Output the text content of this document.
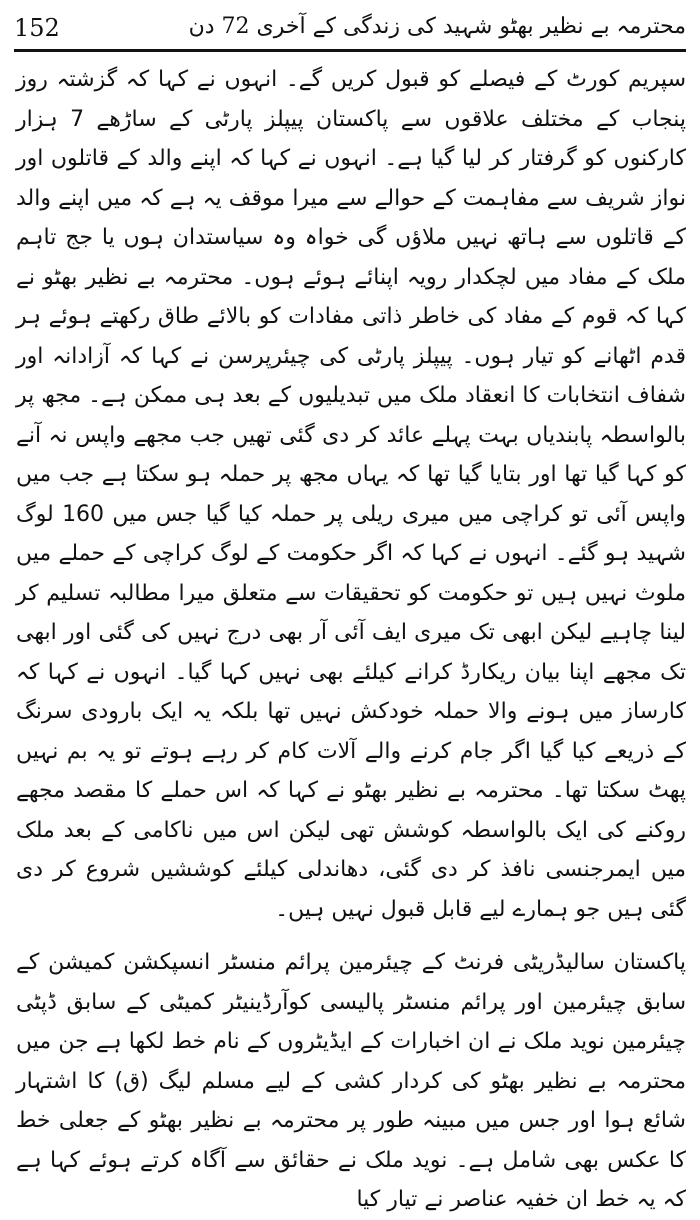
152	محترمہ بے نظیر بھٹو شہید کی زندگی کے آخری 72 دن

سپریم کورٹ کے فیصلے کو قبول کریں گے۔ انہوں نے کہا کہ گزشتہ روز پنجاب کے مختلف علاقوں سے پاکستان پیپلز پارٹی کے ساڑھے 7 ہزار کارکنوں کو گرفتار کر لیا گیا ہے۔ انہوں نے کہا کہ اپنے والد کے قاتلوں اور نواز شریف سے مفاہمت کے حوالے سے میرا موقف یہ ہے کہ میں اپنے والد کے قاتلوں سے ہاتھ نہیں ملاؤں گی خواہ وہ سیاستدان ہوں یا جج تاہم ملک کے مفاد میں لچکدار رویہ اپنائے ہوئے ہوں۔ محترمہ بے نظیر بھٹو نے کہا کہ قوم کے مفاد کی خاطر ذاتی مفادات کو بالائے طاق رکھتے ہوئے ہر قدم اٹھانے کو تیار ہوں۔ پیپلز پارٹی کی چیئرپرسن نے کہا کہ آزادانہ اور شفاف انتخابات کا انعقاد ملک میں تبدیلیوں کے بعد ہی ممکن ہے۔ مجھ پر بالواسطہ پابندیاں بہت پہلے عائد کر دی گئی تھیں جب مجھے واپس نہ آنے کو کہا گیا تھا اور بتایا گیا تھا کہ یہاں مجھ پر حملہ ہو سکتا ہے جب میں واپس آئی تو کراچی میں میری ریلی پر حملہ کیا گیا جس میں 160 لوگ شہید ہو گئے۔ انہوں نے کہا کہ اگر حکومت کے لوگ کراچی کے حملے میں ملوث نہیں ہیں تو حکومت کو تحقیقات سے متعلق میرا مطالبہ تسلیم کر لینا چاہیے لیکن ابھی تک میری ایف آئی آر بھی درج نہیں کی گئی اور ابھی تک مجھے اپنا بیان ریکارڈ کرانے کیلئے بھی نہیں کہا گیا۔ انہوں نے کہا کہ کارساز میں ہونے والا حملہ خودکش نہیں تھا بلکہ یہ ایک بارودی سرنگ کے ذریعے کیا گیا اگر جام کرنے والے آلات کام کر رہے ہوتے تو یہ بم نہیں پھٹ سکتا تھا۔ محترمہ بے نظیر بھٹو نے کہا کہ اس حملے کا مقصد مجھے روکنے کی ایک بالواسطہ کوشش تھی لیکن اس میں ناکامی کے بعد ملک میں ایمرجنسی نافذ کر دی گئی، دھاندلی کیلئے کوششیں شروع کر دی گئی ہیں جو ہمارے لیے قابل قبول نہیں ہیں۔

پاکستان سالیڈریٹی فرنٹ کے چیئرمین پرائم منسٹر انسپکشن کمیشن کے سابق چیئرمین اور پرائم منسٹر پالیسی کوآرڈینیٹر کمیٹی کے سابق ڈپٹی چیئرمین نوید ملک نے ان اخبارات کے ایڈیٹروں کے نام خط لکھا ہے جن میں محترمہ بے نظیر بھٹو کی کردار کشی کے لیے مسلم لیگ (ق) کا اشتہار شائع ہوا اور جس میں مبینہ طور پر محترمہ بے نظیر بھٹو کے جعلی خط کا عکس بھی شامل ہے۔ نوید ملک نے حقائق سے آگاہ کرتے ہوئے کہا ہے کہ یہ خط ان خفیہ عناصر نے تیار کیا
